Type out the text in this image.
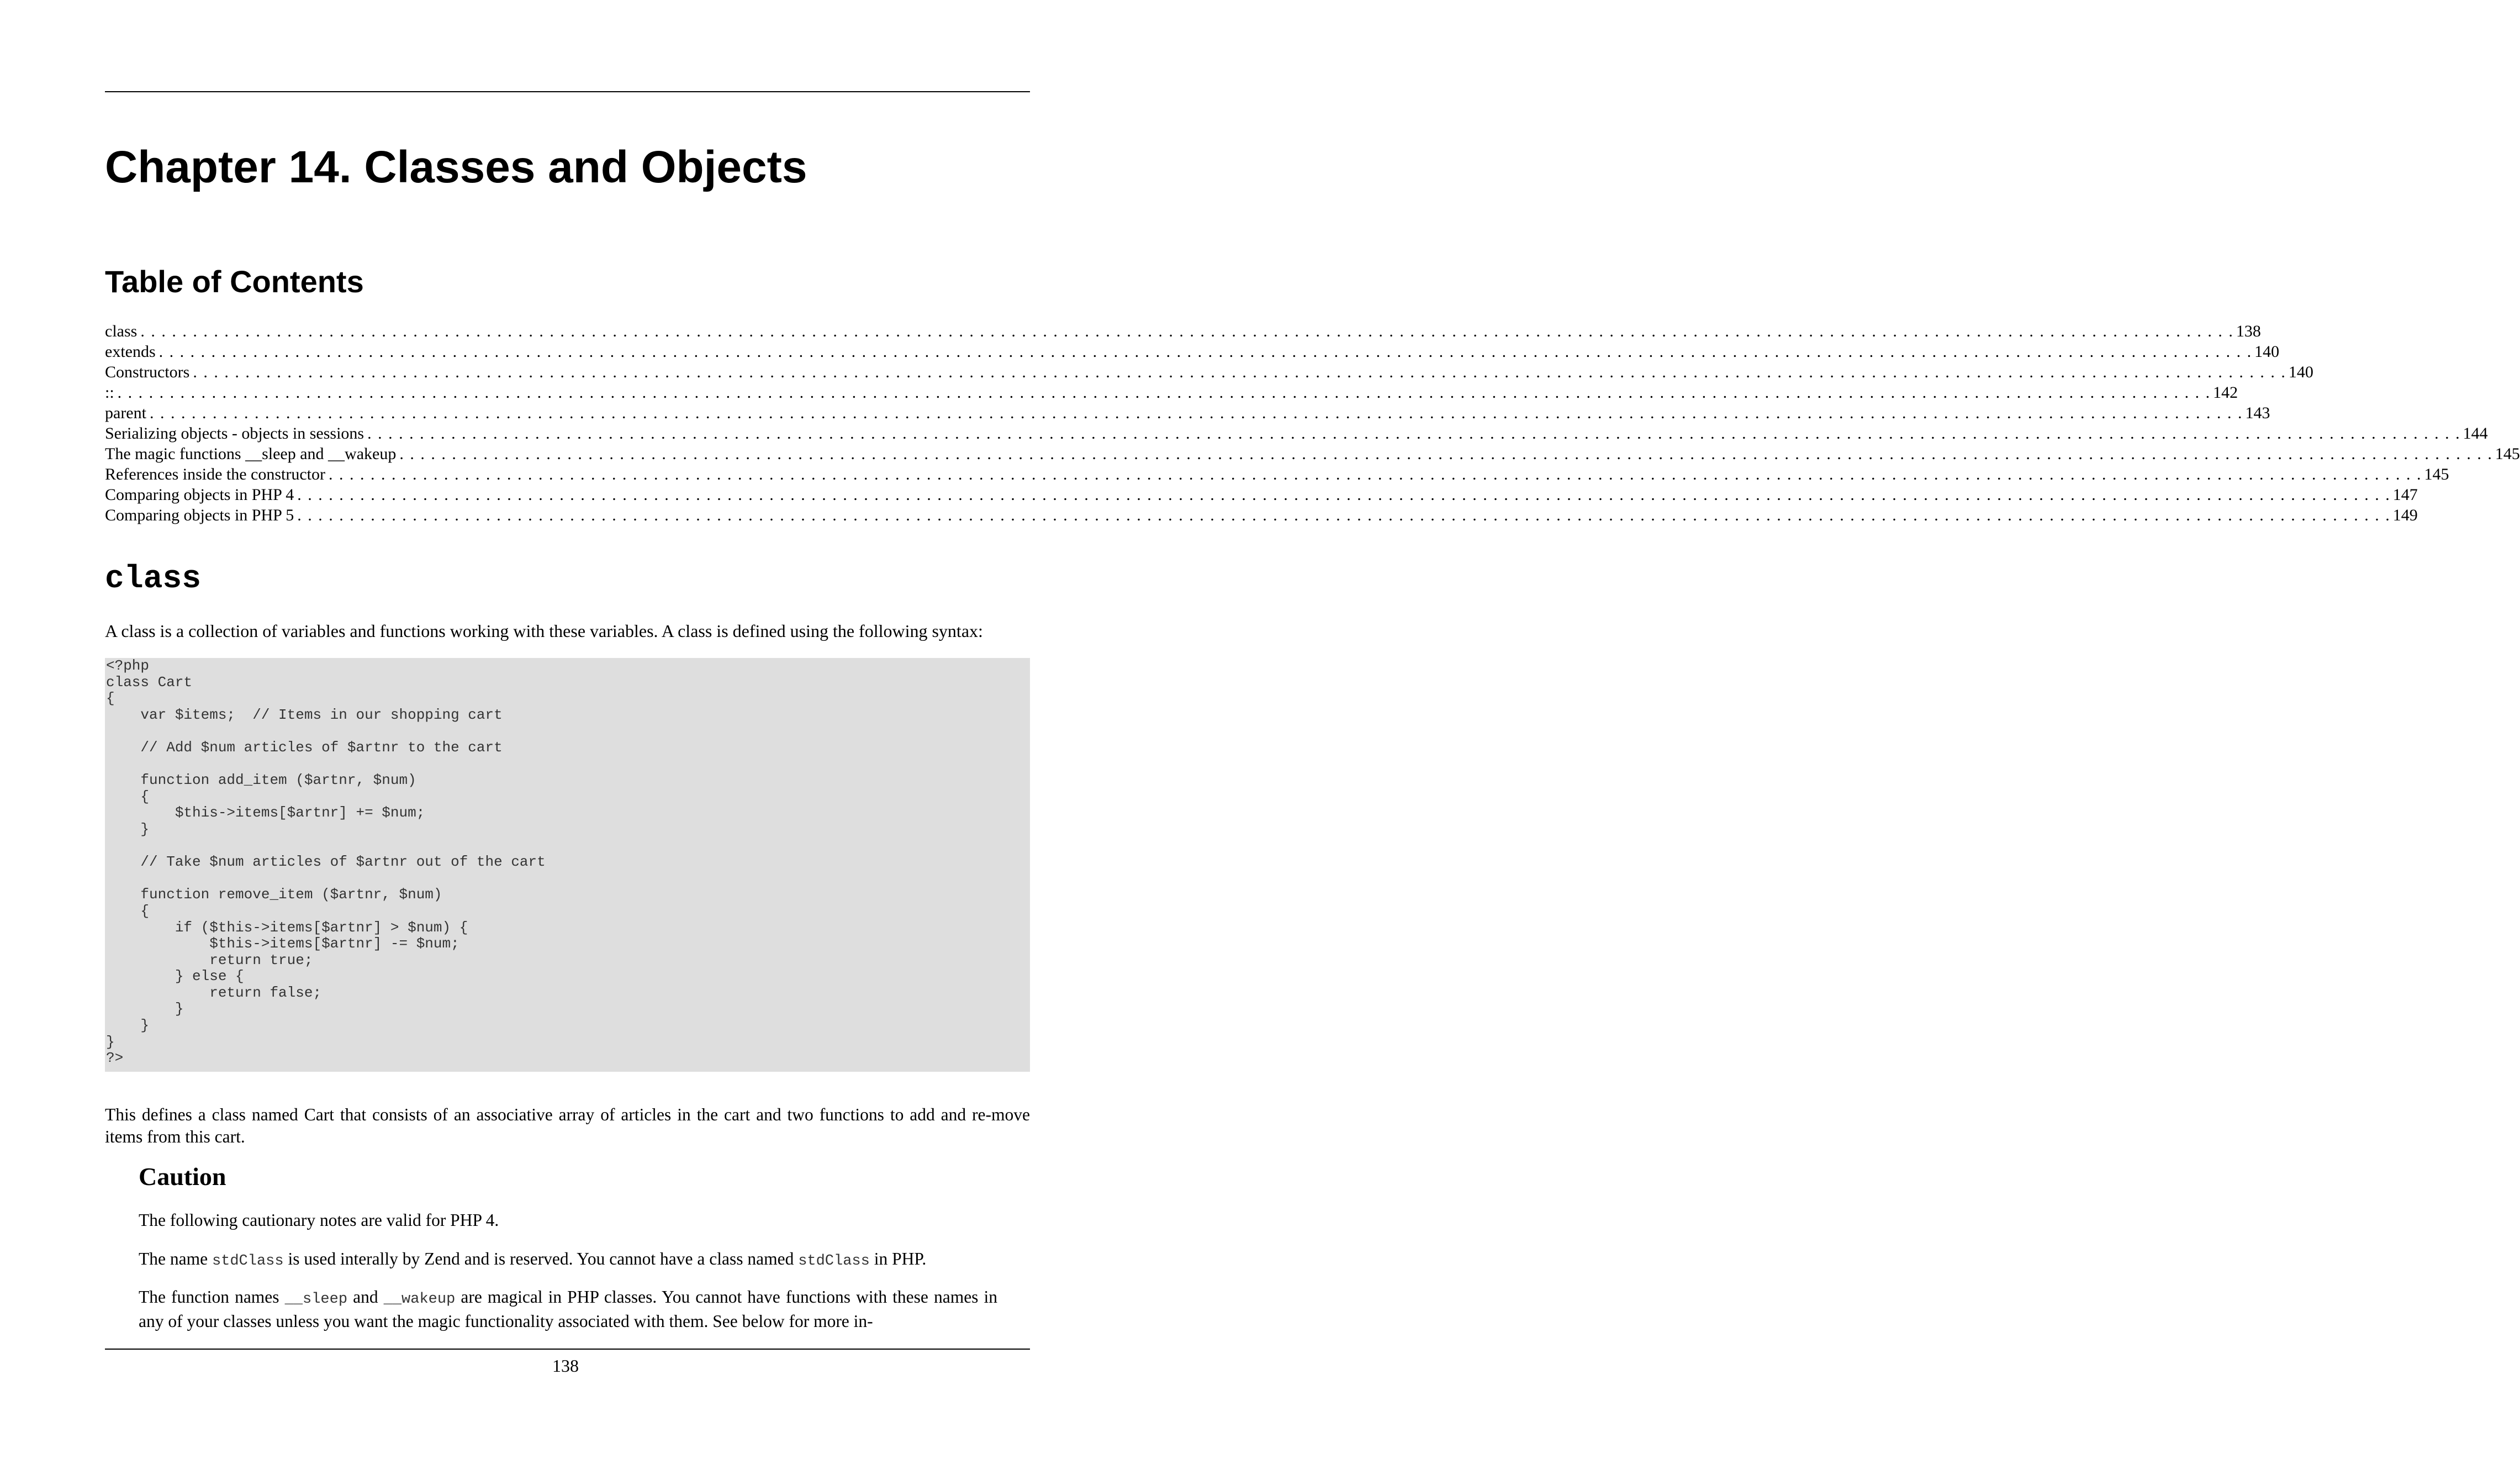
Chapter 14. Classes and Objects
Table of Contents
class . . . . . . . . . . . . . . . . . . . . . . . . . . . . . . . . . . . . . . . . . . . . . . . . . . . . . . . . . . . . . . . . . . . . . . . . . . . . . . . . . . . . . . . . . . . . . . . . . . . . . . . . . . . . . . . . . . . . . . . . . . . . . . . . . . . . . . . . . . . . . . . . . . . . . . . . . . . . . . . . . . . . . . . . . . . . . . . . . . . . . . . . . . . . . . . . . . . . . . . . 138
extends . . . . . . . . . . . . . . . . . . . . . . . . . . . . . . . . . . . . . . . . . . . . . . . . . . . . . . . . . . . . . . . . . . . . . . . . . . . . . . . . . . . . . . . . . . . . . . . . . . . . . . . . . . . . . . . . . . . . . . . . . . . . . . . . . . . . . . . . . . . . . . . . . . . . . . . . . . . . . . . . . . . . . . . . . . . . . . . . . . . . . . . . . . . . . . . . . . . . . . . . 140
Constructors . . . . . . . . . . . . . . . . . . . . . . . . . . . . . . . . . . . . . . . . . . . . . . . . . . . . . . . . . . . . . . . . . . . . . . . . . . . . . . . . . . . . . . . . . . . . . . . . . . . . . . . . . . . . . . . . . . . . . . . . . . . . . . . . . . . . . . . . . . . . . . . . . . . . . . . . . . . . . . . . . . . . . . . . . . . . . . . . . . . . . . . . . . . . . . . . . . . . . . . . 140
:: . . . . . . . . . . . . . . . . . . . . . . . . . . . . . . . . . . . . . . . . . . . . . . . . . . . . . . . . . . . . . . . . . . . . . . . . . . . . . . . . . . . . . . . . . . . . . . . . . . . . . . . . . . . . . . . . . . . . . . . . . . . . . . . . . . . . . . . . . . . . . . . . . . . . . . . . . . . . . . . . . . . . . . . . . . . . . . . . . . . . . . . . . . . . . . . . . . . . . . . . 142
parent . . . . . . . . . . . . . . . . . . . . . . . . . . . . . . . . . . . . . . . . . . . . . . . . . . . . . . . . . . . . . . . . . . . . . . . . . . . . . . . . . . . . . . . . . . . . . . . . . . . . . . . . . . . . . . . . . . . . . . . . . . . . . . . . . . . . . . . . . . . . . . . . . . . . . . . . . . . . . . . . . . . . . . . . . . . . . . . . . . . . . . . . . . . . . . . . . . . . . . . . 143
Serializing objects - objects in sessions . . . . . . . . . . . . . . . . . . . . . . . . . . . . . . . . . . . . . . . . . . . . . . . . . . . . . . . . . . . . . . . . . . . . . . . . . . . . . . . . . . . . . . . . . . . . . . . . . . . . . . . . . . . . . . . . . . . . . . . . . . . . . . . . . . . . . . . . . . . . . . . . . . . . . . . . . . . . . . . . . . . . . . . . . . . . . . . . . . . . . . . . . . . . . . . . . . . . . . . . 144
The magic functions __sleep and __wakeup . . . . . . . . . . . . . . . . . . . . . . . . . . . . . . . . . . . . . . . . . . . . . . . . . . . . . . . . . . . . . . . . . . . . . . . . . . . . . . . . . . . . . . . . . . . . . . . . . . . . . . . . . . . . . . . . . . . . . . . . . . . . . . . . . . . . . . . . . . . . . . . . . . . . . . . . . . . . . . . . . . . . . . . . . . . . . . . . . . . . . . . . . . . . . . . . . . . . . . . . 145
References inside the constructor . . . . . . . . . . . . . . . . . . . . . . . . . . . . . . . . . . . . . . . . . . . . . . . . . . . . . . . . . . . . . . . . . . . . . . . . . . . . . . . . . . . . . . . . . . . . . . . . . . . . . . . . . . . . . . . . . . . . . . . . . . . . . . . . . . . . . . . . . . . . . . . . . . . . . . . . . . . . . . . . . . . . . . . . . . . . . . . . . . . . . . . . . . . . . . . . . . . . . . . . 145
Comparing objects in PHP 4 . . . . . . . . . . . . . . . . . . . . . . . . . . . . . . . . . . . . . . . . . . . . . . . . . . . . . . . . . . . . . . . . . . . . . . . . . . . . . . . . . . . . . . . . . . . . . . . . . . . . . . . . . . . . . . . . . . . . . . . . . . . . . . . . . . . . . . . . . . . . . . . . . . . . . . . . . . . . . . . . . . . . . . . . . . . . . . . . . . . . . . . . . . . . . . . . . . . . . . . . 147
Comparing objects in PHP 5 . . . . . . . . . . . . . . . . . . . . . . . . . . . . . . . . . . . . . . . . . . . . . . . . . . . . . . . . . . . . . . . . . . . . . . . . . . . . . . . . . . . . . . . . . . . . . . . . . . . . . . . . . . . . . . . . . . . . . . . . . . . . . . . . . . . . . . . . . . . . . . . . . . . . . . . . . . . . . . . . . . . . . . . . . . . . . . . . . . . . . . . . . . . . . . . . . . . . . . . . 149
class

A class is a collection of variables and functions working with these variables. A class is defined using the following syntax:

<?php
class Cart
{
var $items;  // Items in our shopping cart
// Add $num articles of $artnr to the cart
function add_item ($artnr, $num)
{
$this->items[$artnr] += $num;
}
// Take $num articles of $artnr out of the cart
function remove_item ($artnr, $num)
{
if ($this->items[$artnr] > $num) {
$this->items[$artnr] -= $num;
return true;
} else {
return false;
}
}
}
?>

This defines a class named Cart that consists of an associative array of articles in the cart and two functions to add and re-move items from this cart.

Caution

The following cautionary notes are valid for PHP 4.

The name stdClass is used interally by Zend and is reserved. You cannot have a class named stdClass in PHP.

The function names __sleep and __wakeup are magical in PHP classes. You cannot have functions with these names in any of your classes unless you want the magic functionality associated with them. See below for more in-

138
